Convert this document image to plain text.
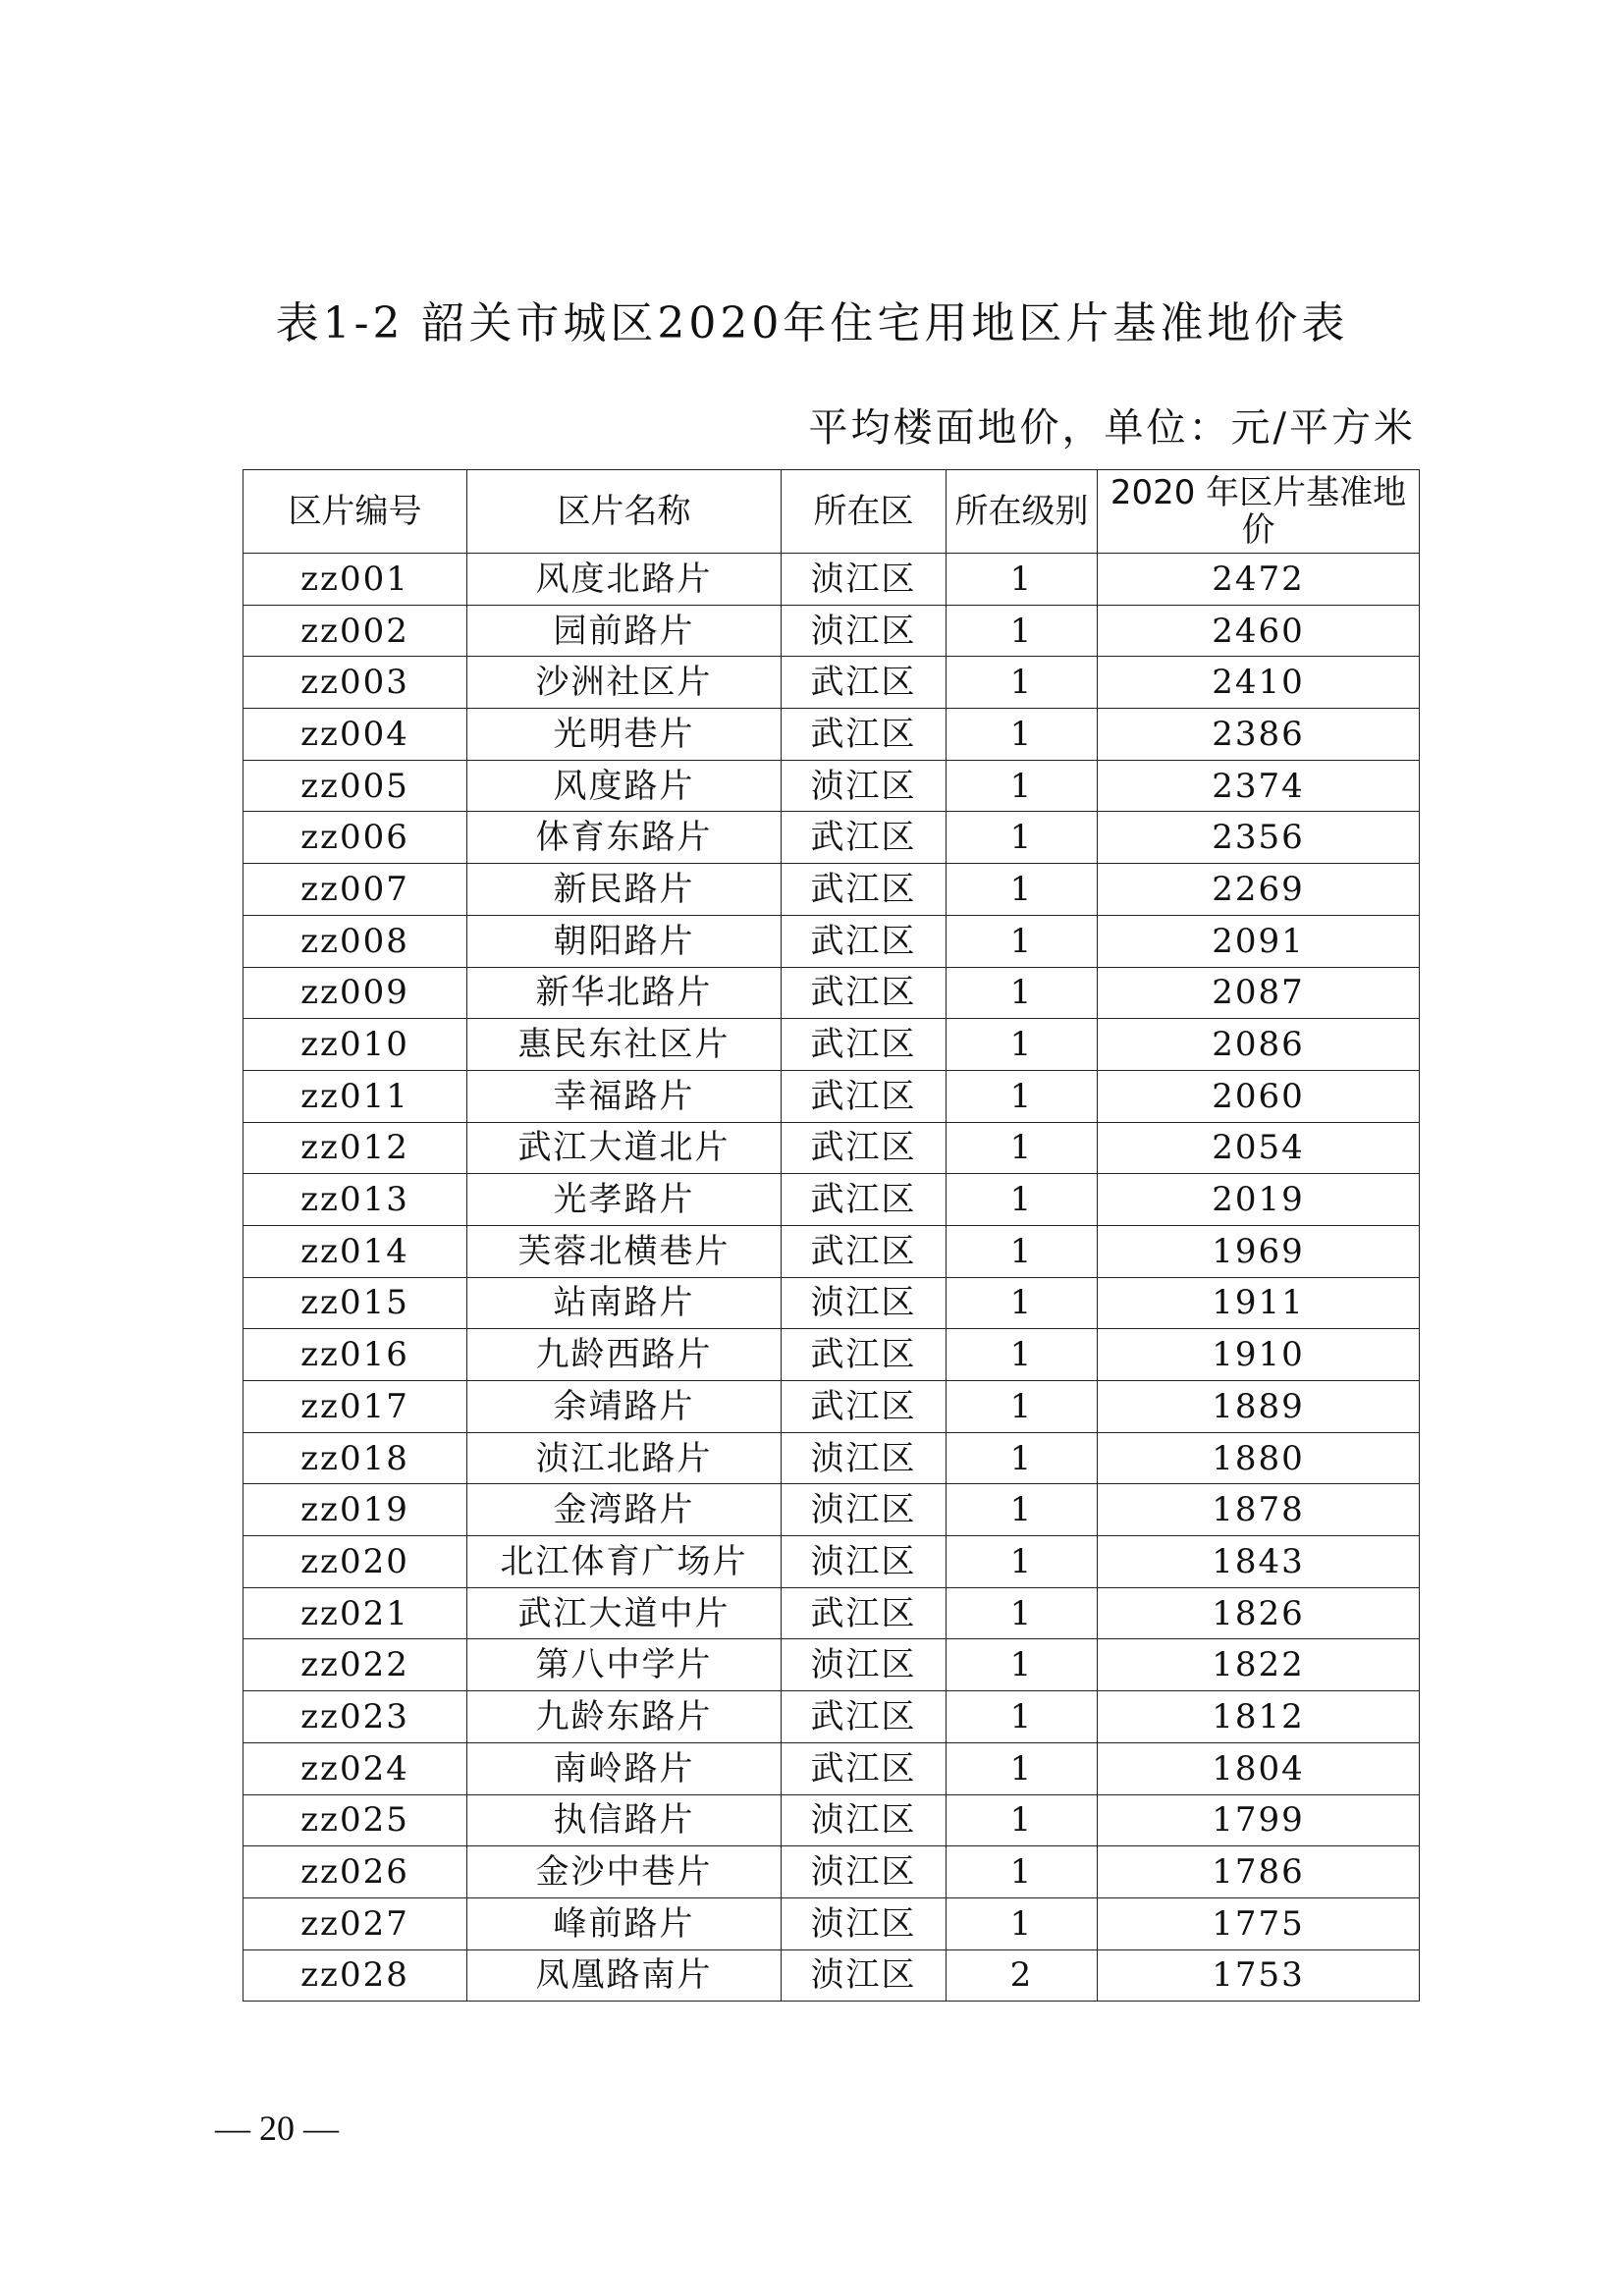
表1-2 韶关市城区2020年住宅用地区片基准地价表
平均楼面地价，单位：元/平方米
区片编号	区片名称	所在区	所在级别	2020 年区片基准地价
zz001	风度北路片	浈江区	1	2472
zz002	园前路片	浈江区	1	2460
zz003	沙洲社区片	武江区	1	2410
zz004	光明巷片	武江区	1	2386
zz005	风度路片	浈江区	1	2374
zz006	体育东路片	武江区	1	2356
zz007	新民路片	武江区	1	2269
zz008	朝阳路片	武江区	1	2091
zz009	新华北路片	武江区	1	2087
zz010	惠民东社区片	武江区	1	2086
zz011	幸福路片	武江区	1	2060
zz012	武江大道北片	武江区	1	2054
zz013	光孝路片	武江区	1	2019
zz014	芙蓉北横巷片	武江区	1	1969
zz015	站南路片	浈江区	1	1911
zz016	九龄西路片	武江区	1	1910
zz017	余靖路片	武江区	1	1889
zz018	浈江北路片	浈江区	1	1880
zz019	金湾路片	浈江区	1	1878
zz020	北江体育广场片	浈江区	1	1843
zz021	武江大道中片	武江区	1	1826
zz022	第八中学片	浈江区	1	1822
zz023	九龄东路片	武江区	1	1812
zz024	南岭路片	武江区	1	1804
zz025	执信路片	浈江区	1	1799
zz026	金沙中巷片	浈江区	1	1786
zz027	峰前路片	浈江区	1	1775
zz028	凤凰路南片	浈江区	2	1753
— 20 —
